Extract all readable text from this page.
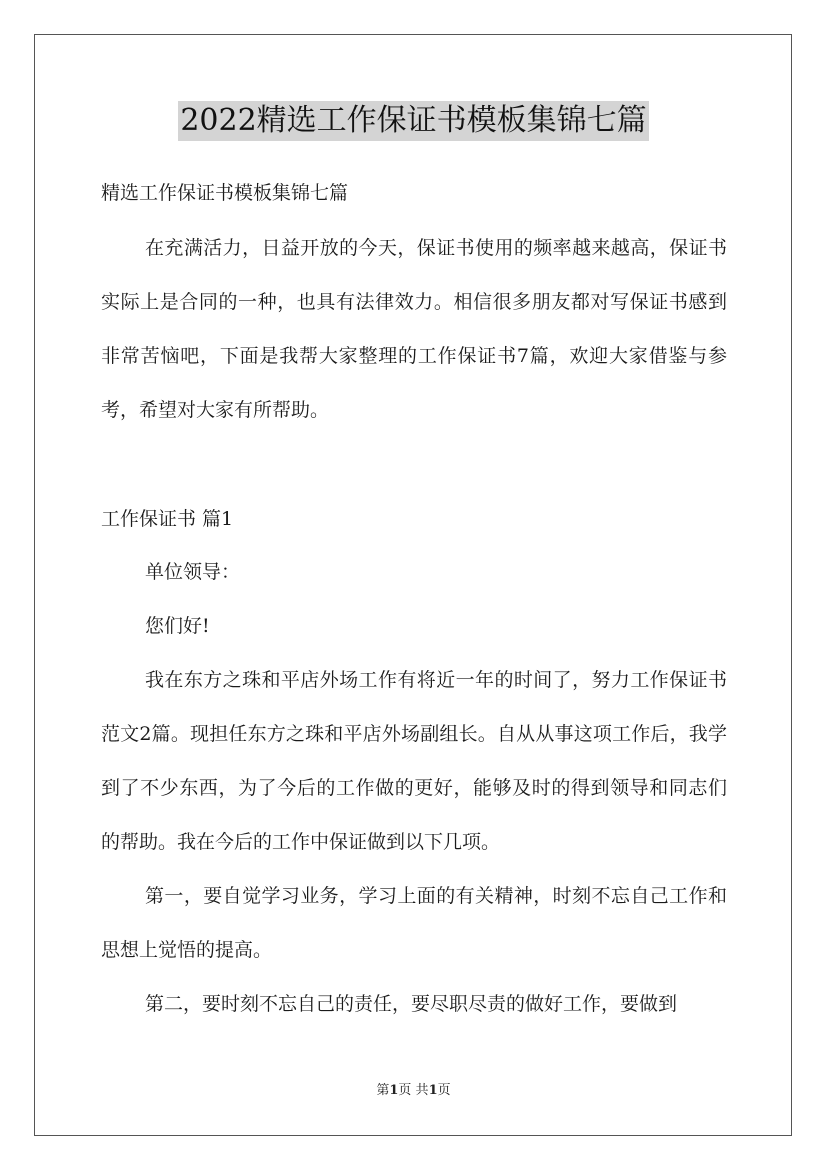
2022精选工作保证书模板集锦七篇
精选工作保证书模板集锦七篇
在充满活力，日益开放的今天，保证书使用的频率越来越高，保证书实际上是合同的一种，也具有法律效力。相信很多朋友都对写保证书感到非常苦恼吧，下面是我帮大家整理的工作保证书7篇，欢迎大家借鉴与参考，希望对大家有所帮助。
工作保证书 篇1
单位领导：
您们好!
我在东方之珠和平店外场工作有将近一年的时间了，努力工作保证书范文2篇。现担任东方之珠和平店外场副组长。自从从事这项工作后，我学到了不少东西，为了今后的工作做的更好，能够及时的得到领导和同志们的帮助。我在今后的工作中保证做到以下几项。
第一，要自觉学习业务，学习上面的有关精神，时刻不忘自己工作和思想上觉悟的提高。
第二，要时刻不忘自己的责任，要尽职尽责的做好工作，要做到
第1页 共1页
